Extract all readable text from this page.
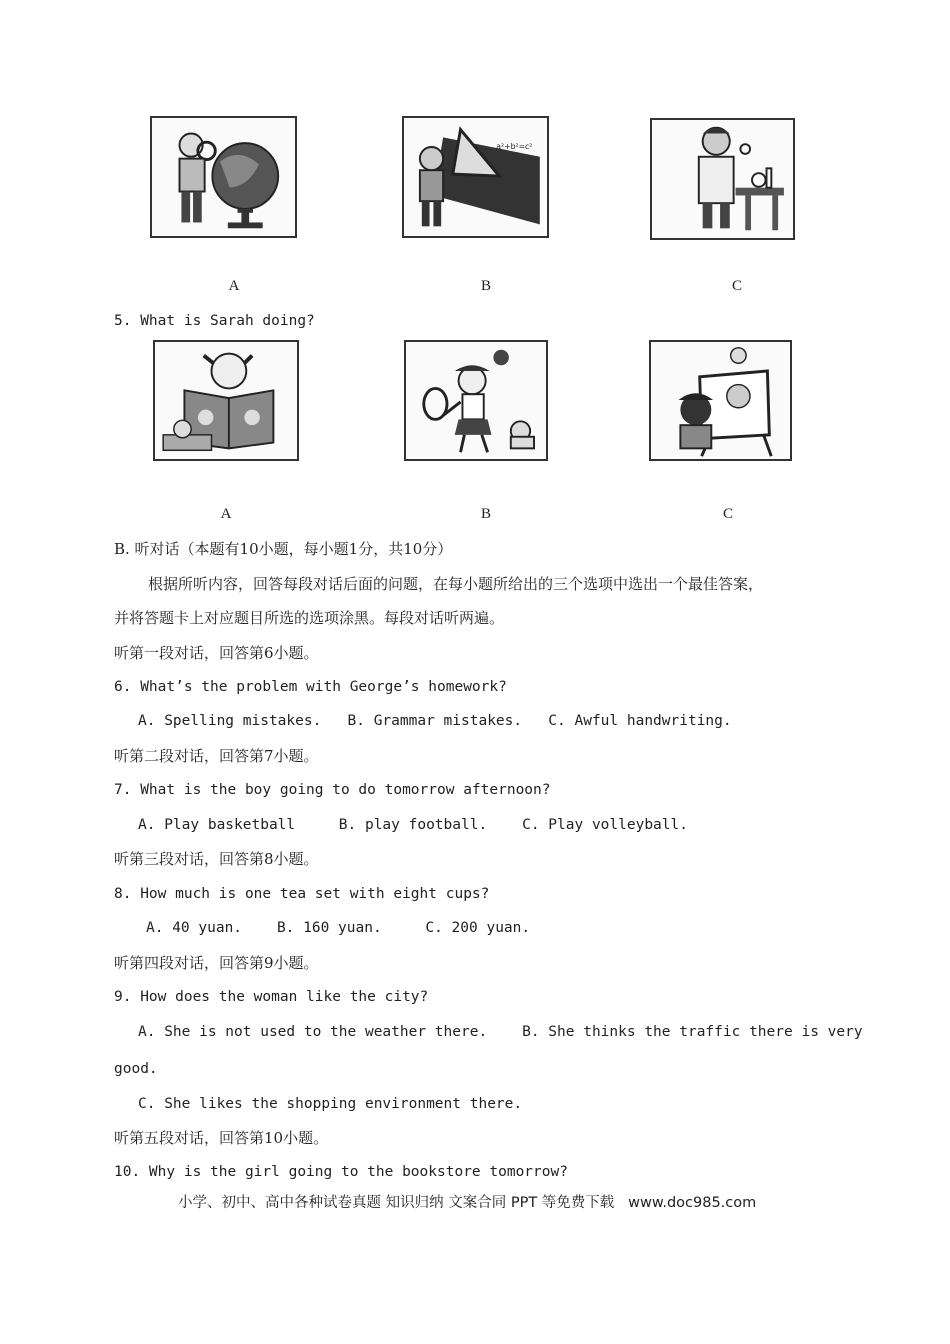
a²+b²=c²
A	B	C
5. What is Sarah doing?
A	B	C
B. 听对话（本题有10小题，每小题1分，共10分）
根据所听内容，回答每段对话后面的问题，在每小题所给出的三个选项中选出一个最佳答案，
并将答题卡上对应题目所选的选项涂黑。每段对话听两遍。
听第一段对话，回答第6小题。
6. What’s the problem with George’s homework?
A. Spelling mistakes.   B. Grammar mistakes.   C. Awful handwriting.
听第二段对话，回答第7小题。
7. What is the boy going to do tomorrow afternoon?
A. Play basketball     B. play football.    C. Play volleyball.
听第三段对话，回答第8小题。
8. How much is one tea set with eight cups?
A. 40 yuan.    B. 160 yuan.     C. 200 yuan.
听第四段对话，回答第9小题。
9. How does the woman like the city?
A. She is not used to the weather there.    B. She thinks the traffic there is very
good.
C. She likes the shopping environment there.
听第五段对话，回答第10小题。
10. Why is the girl going to the bookstore tomorrow?
小学、初中、高中各种试卷真题 知识归纳 文案合同 PPT 等免费下载   www.doc985.com
